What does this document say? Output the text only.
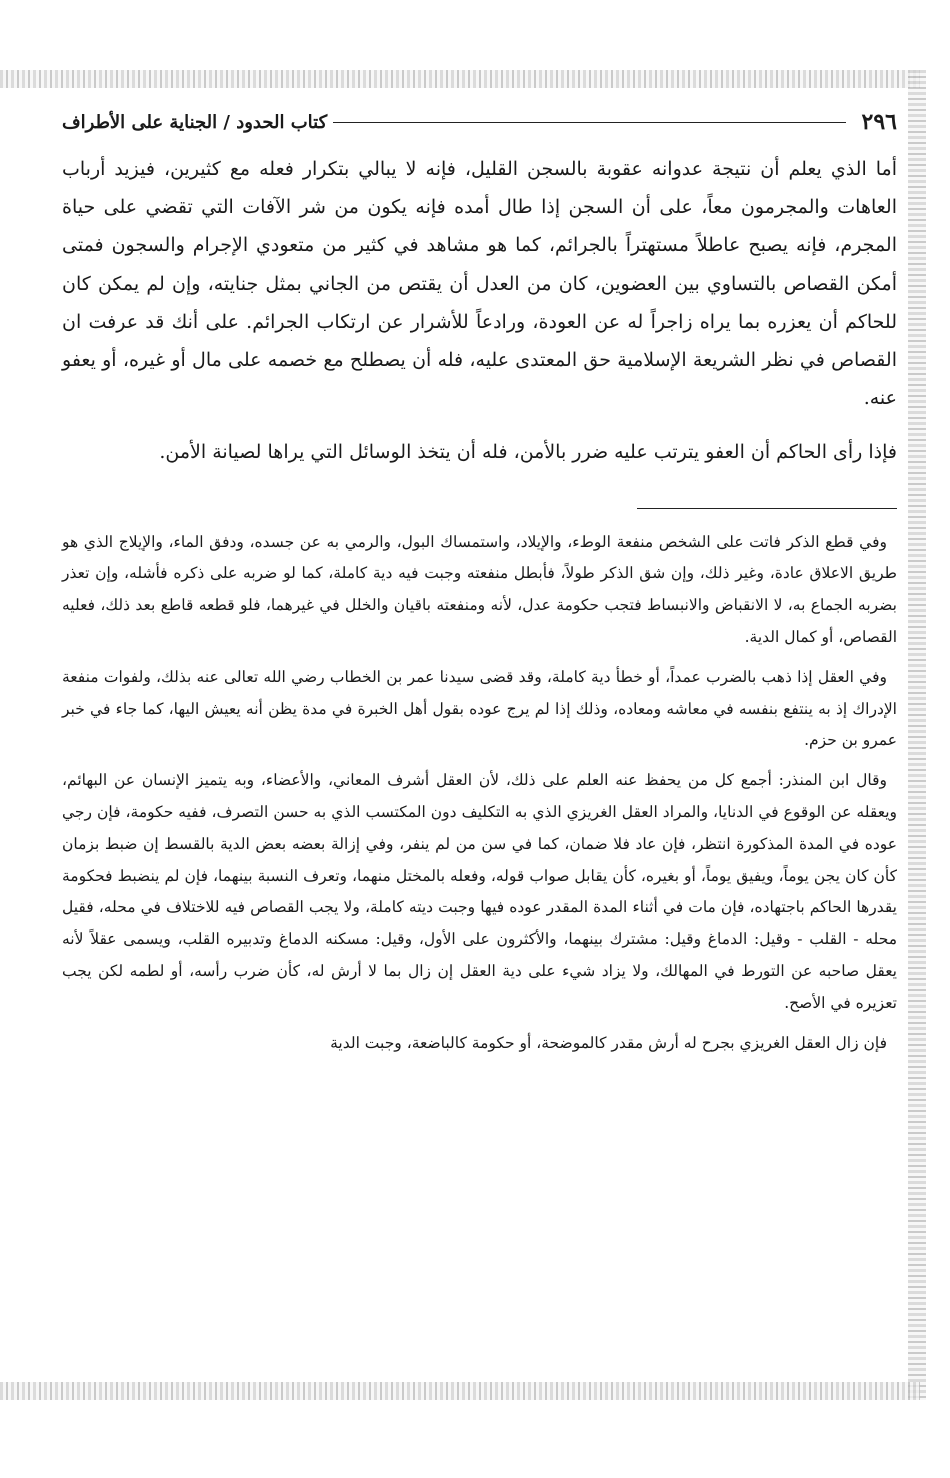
٢٩٦
كتاب الحدود / الجناية على الأطراف

أما الذي يعلم أن نتيجة عدوانه عقوبة بالسجن القليل، فإنه لا يبالي بتكرار فعله مع كثيرين، فيزيد أرباب العاهات والمجرمون معاً، على أن السجن إذا طال أمده فإنه يكون من شر الآفات التي تقضي على حياة المجرم، فإنه يصبح عاطلاً مستهتراً بالجرائم، كما هو مشاهد في كثير من متعودي الإجرام والسجون فمتى أمكن القصاص بالتساوي بين العضوين، كان من العدل أن يقتص من الجاني بمثل جنايته، وإن لم يمكن كان للحاكم أن يعزره بما يراه زاجراً له عن العودة، ورادعاً للأشرار عن ارتكاب الجرائم. على أنك قد عرفت ان القصاص في نظر الشريعة الإسلامية حق المعتدى عليه، فله أن يصطلح مع خصمه على مال أو غيره، أو يعفو عنه.

فإذا رأى الحاكم أن العفو يترتب عليه ضرر بالأمن، فله أن يتخذ الوسائل التي يراها لصيانة الأمن.

وفي قطع الذكر فاتت على الشخص منفعة الوطء، والإيلاد، واستمساك البول، والرمي به عن جسده، ودفق الماء، والإيلاج الذي هو طريق الاعلاق عادة، وغير ذلك، وإن شق الذكر طولاً، فأبطل منفعته وجبت فيه دية كاملة، كما لو ضربه على ذكره فأشله، وإن تعذر بضربه الجماع به، لا الانقباض والانبساط فتجب حكومة عدل، لأنه ومنفعته باقيان والخلل في غيرهما، فلو قطعه قاطع بعد ذلك، فعليه القصاص، أو كمال الدية.

وفي العقل إذا ذهب بالضرب عمداً، أو خطأ دية كاملة، وقد قضى سيدنا عمر بن الخطاب رضي الله تعالى عنه بذلك، ولفوات منفعة الإدراك إذ به ينتفع بنفسه في معاشه ومعاده، وذلك إذا لم يرج عوده بقول أهل الخبرة في مدة يظن أنه يعيش اليها، كما جاء في خبر عمرو بن حزم.

وقال ابن المنذر: أجمع كل من يحفظ عنه العلم على ذلك، لأن العقل أشرف المعاني، والأعضاء، وبه يتميز الإنسان عن البهائم، ويعقله عن الوقوع في الدنايا، والمراد العقل الغريزي الذي به التكليف دون المكتسب الذي به حسن التصرف، ففيه حكومة، فإن رجي عوده في المدة المذكورة انتظر، فإن عاد فلا ضمان، كما في سن من لم ينفر، وفي إزالة بعضه بعض الدية بالقسط إن ضبط بزمان كأن كان يجن يوماً، ويفيق يوماً، أو بغيره، كأن يقابل صواب قوله، وفعله بالمختل منهما، وتعرف النسبة بينهما، فإن لم ينضبط فحكومة يقدرها الحاكم باجتهاده، فإن مات في أثناء المدة المقدر عوده فيها وجبت ديته كاملة، ولا يجب القصاص فيه للاختلاف في محله، فقيل محله - القلب - وقيل: الدماغ وقيل: مشترك بينهما، والأكثرون على الأول، وقيل: مسكنه الدماغ وتدبيره القلب، ويسمى عقلاً لأنه يعقل صاحبه عن التورط في المهالك، ولا يزاد شيء على دية العقل إن زال بما لا أرش له، كأن ضرب رأسه، أو لطمه لكن يجب تعزيره في الأصح.

فإن زال العقل الغريزي بجرح له أرش مقدر كالموضحة، أو حكومة كالباضعة، وجبت الدية
